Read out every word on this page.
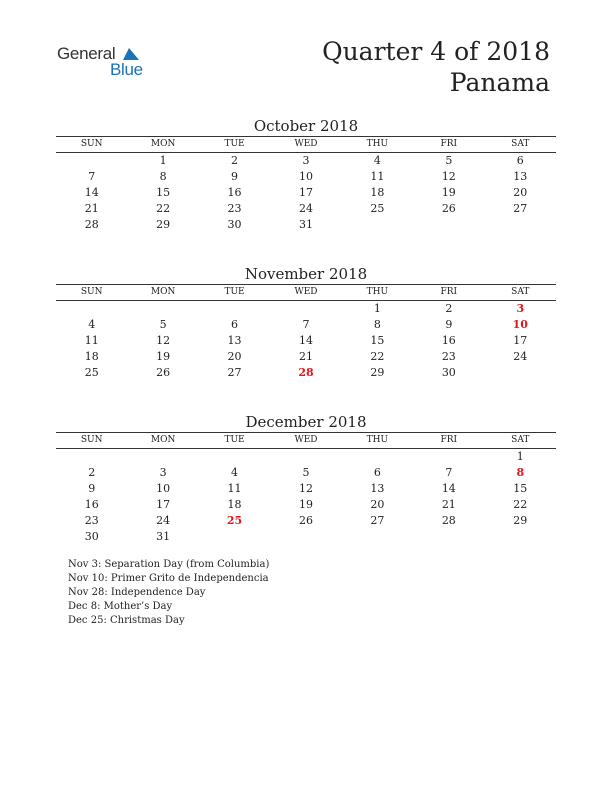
General
Blue
Quarter 4 of 2018
Panama
October 2018
SUN	MON	TUE	WED	THU	FRI	SAT
	1	2	3	4	5	6
7	8	9	10	11	12	13
14	15	16	17	18	19	20
21	22	23	24	25	26	27
28	29	30	31			
November 2018
SUN	MON	TUE	WED	THU	FRI	SAT
				1	2	3
4	5	6	7	8	9	10
11	12	13	14	15	16	17
18	19	20	21	22	23	24
25	26	27	28	29	30	
December 2018
SUN	MON	TUE	WED	THU	FRI	SAT
						1
2	3	4	5	6	7	8
9	10	11	12	13	14	15
16	17	18	19	20	21	22
23	24	25	26	27	28	29
30	31					
Nov 3: Separation Day (from Columbia)
Nov 10: Primer Grito de Independencia
Nov 28: Independence Day
Dec 8: Mother’s Day
Dec 25: Christmas Day
